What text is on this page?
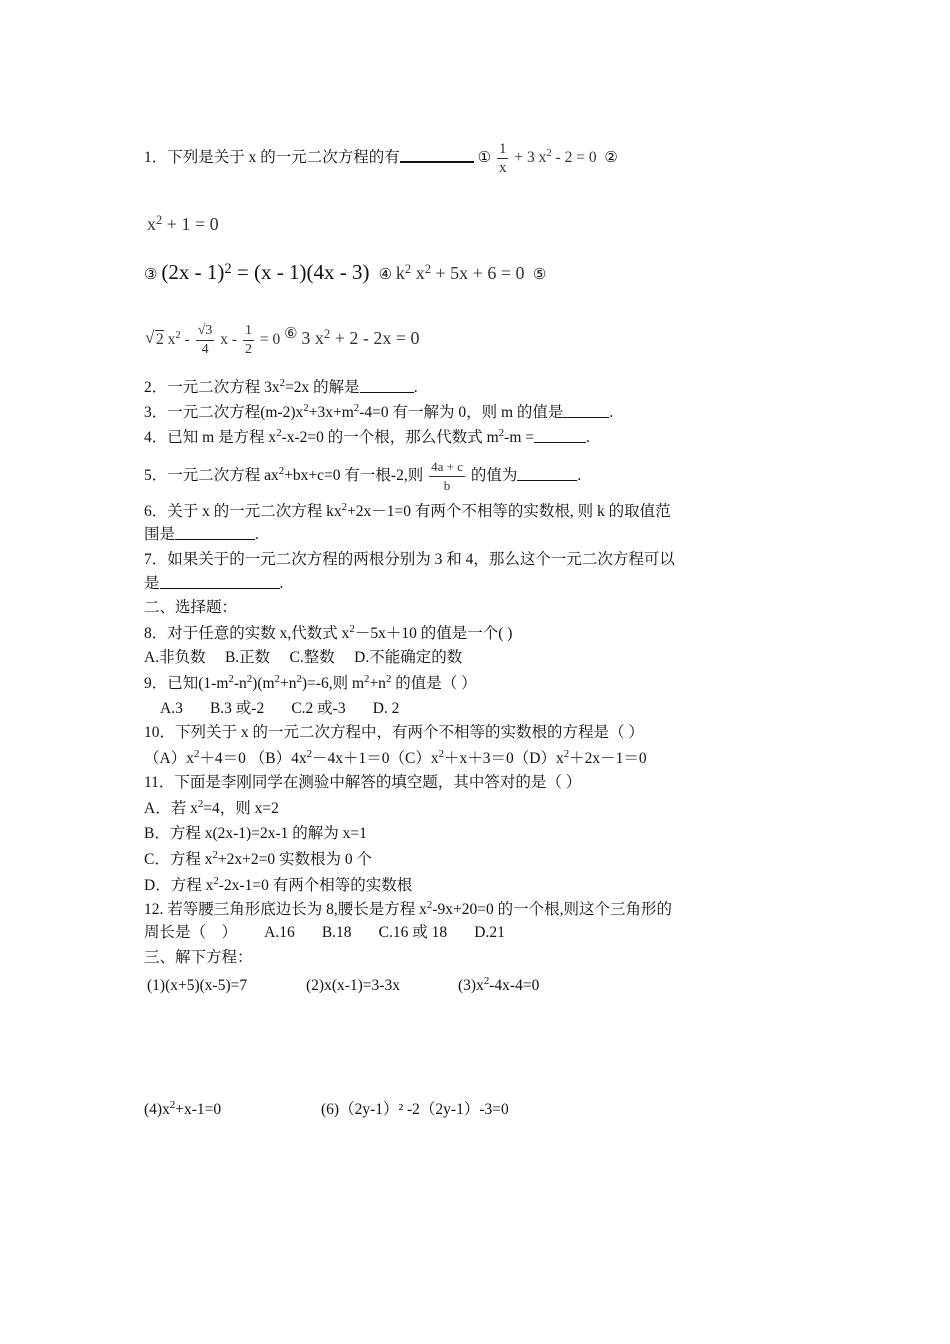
1．下列是关于 x 的一元二次方程的有	① $\frac{1}{x} + 3$ $x^2 - 2 = 0$ ②
$x^2 + 1 = 0$
③ (2x - 1)$^2$ = (x - 1)(4x - 3) ④ $k^2$ $x^2 + 5x + 6 = 0$ ⑤
√ 2 $x^2 - \frac{√3}{4}$ $x - \frac{1}{2} = 0$ ⑥ 3 $x^2 + 2 - 2x = 0$
2．一元二次方程 $3x^2=2x$ 的解是	.
3．一元二次方程$(m-2)x^2+3x+m^2-4=0$ 有一解为 0，则 m 的值是	.
4．已知 m 是方程 $x^2-x-2=0$ 的一个根，那么代数式 $m^2-m$ =	.
5．一元二次方程 $ax^2+bx+c=0$ 有一根-2,则 $\frac{4a + c}{b}$ 的值为	.
6．关于 x 的一元二次方程 $kx^2+2x-1=0$ 有两个不相等的实数根, 则 k 的取值范
围是	.
7．如果关于的一元二次方程的两根分别为 3 和 4，那么这个一元二次方程可以
是	.
二、选择题：
8．对于任意的实数 x,代数式 $x^2-5x+10$ 的值是一个( )
A.非负数     B.正数     C.整数     D.不能确定的数
9．已知$(1-m^2-n^2)(m^2+n^2)=-6$,则 $m^2+n^2$ 的值是（ ）
A.3       B.3 或-2       C.2 或-3       D. 2
10．下列关于 x 的一元二次方程中，有两个不相等的实数根的方程是（ ）
$(A)x^2+4=0$ $(B)4x^2-4x+1=0(C)x^2+x+3=0(D)x^2+2x-1=0$
11．下面是李刚同学在测验中解答的填空题，其中答对的是（ ）
A．若 $x^2=4$，则 x=2
B．方程 x(2x-1)=2x-1 的解为 x=1
C．方程 $x^2+2x+2=0$ 实数根为 0 个
D．方程 $x^2-2x-1=0$ 有两个相等的实数根
12. 若等腰三角形底边长为 8,腰长是方程 $x^2-9x+20=0$ 的一个根,则这个三角形的
周长是（    ）       A.16       B.18       C.16 或 18       D.21
三、解下方程：
(1)(x+5)(x-5)=7	(2)x(x-1)=3-3x	$(3)x^2-4x-4=0$
$(4)x^2+x-1=0$	(6)（2y-1）² -2（2y-1）-3=0
